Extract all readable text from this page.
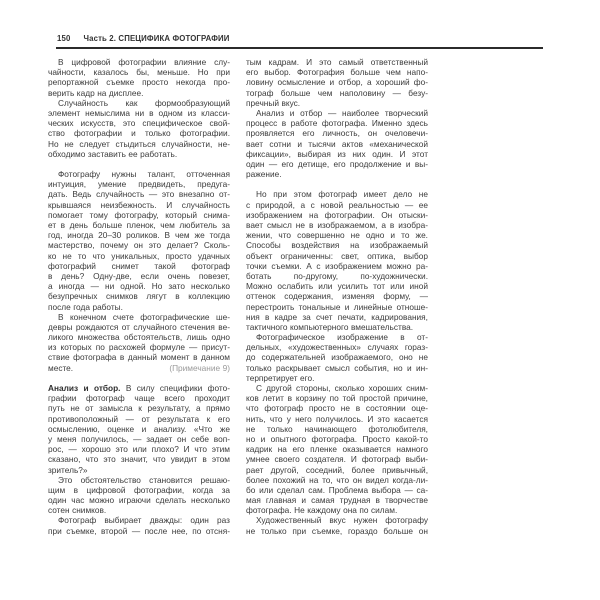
150 Часть 2. СПЕЦИФИКА ФОТОГРАФИИ
В цифровой фотографии влияние слу-
чайности, казалось бы, меньше. Но при
репортажной съемке просто некогда про-
верить кадр на дисплее.
Случайность как формообразующий
элемент немыслима ни в одном из класси-
ческих искусств, это специфическое свой-
ство фотографии и только фотографии.
Но не следует стыдиться случайности, не-
обходимо заставить ее работать.
Фотографу нужны талант, отточенная
интуиция, умение предвидеть, предуга-
дать. Ведь случайность — это внезапно от-
крывшаяся неизбежность. И случайность
помогает тому фотографу, который снима-
ет в день больше пленок, чем любитель за
год, иногда 20–30 роликов. В чем же тогда
мастерство, почему он это делает? Сколь-
ко не то что уникальных, просто удачных
фотографий снимет такой фотограф
в день? Одну-две, если очень повезет,
а иногда — ни одной. Но зато несколько
безупречных снимков лягут в коллекцию
после года работы.
В конечном счете фотографические ше-
девры рождаются от случайного стечения ве-
ликого множества обстоятельств, лишь одно
из которых по расхожей формуле — присут-
ствие фотографа в данный момент в данном
месте.	(Примечание 9)
Анализ и отбор. В силу специфики фото-
графии фотограф чаще всего проходит
путь не от замысла к результату, а прямо
противоположный — от результата к его
осмыслению, оценке и анализу. «Что же
у меня получилось, — задает он себе воп-
рос, — хорошо это или плохо? И что этим
сказано, что это значит, что увидит в этом
зритель?»
Это обстоятельство становится решаю-
щим в цифровой фотографии, когда за
один час можно играючи сделать несколько
сотен снимков.
Фотограф выбирает дважды: один раз
при съемке, второй — после нее, по отсня-
тым кадрам. И это самый ответственный
его выбор. Фотография больше чем напо-
ловину осмысление и отбор, а хороший фо-
тограф больше чем наполовину — безу-
пречный вкус.
Анализ и отбор — наиболее творческий
процесс в работе фотографа. Именно здесь
проявляется его личность, он очеловечи-
вает сотни и тысячи актов «механической
фиксации», выбирая из них один. И этот
один — его детище, его продолжение и вы-
ражение.
Но при этом фотограф имеет дело не
с природой, а с новой реальностью — ее
изображением на фотографии. Он отыски-
вает смысл не в изображаемом, а в изобра-
жении, что совершенно не одно и то же.
Способы воздействия на изображаемый
объект ограниченны: свет, оптика, выбор
точки съемки. А с изображением можно ра-
ботать по-другому, по-художнически.
Можно ослабить или усилить тот или иной
оттенок содержания, изменяя форму, —
перестроить тональные и линейные отноше-
ния в кадре за счет печати, кадрирования,
тактичного компьютерного вмешательства.
Фотографическое изображение в от-
дельных, «художественных» случаях гораз-
до содержательней изображаемого, оно не
только раскрывает смысл события, но и ин-
терпретирует его.
С другой стороны, сколько хороших сним-
ков летит в корзину по той простой причине,
что фотограф просто не в состоянии оце-
нить, что у него получилось. И это касается
не только начинающего фотолюбителя,
но и опытного фотографа. Просто какой-то
кадрик на его пленке оказывается намного
умнее своего создателя. И фотограф выби-
рает другой, соседний, более привычный,
более похожий на то, что он видел когда-ли-
бо или сделал сам. Проблема выбора — са-
мая главная и самая трудная в творчестве
фотографа. Не каждому она по силам.
Художественный вкус нужен фотографу
не только при съемке, гораздо больше он
